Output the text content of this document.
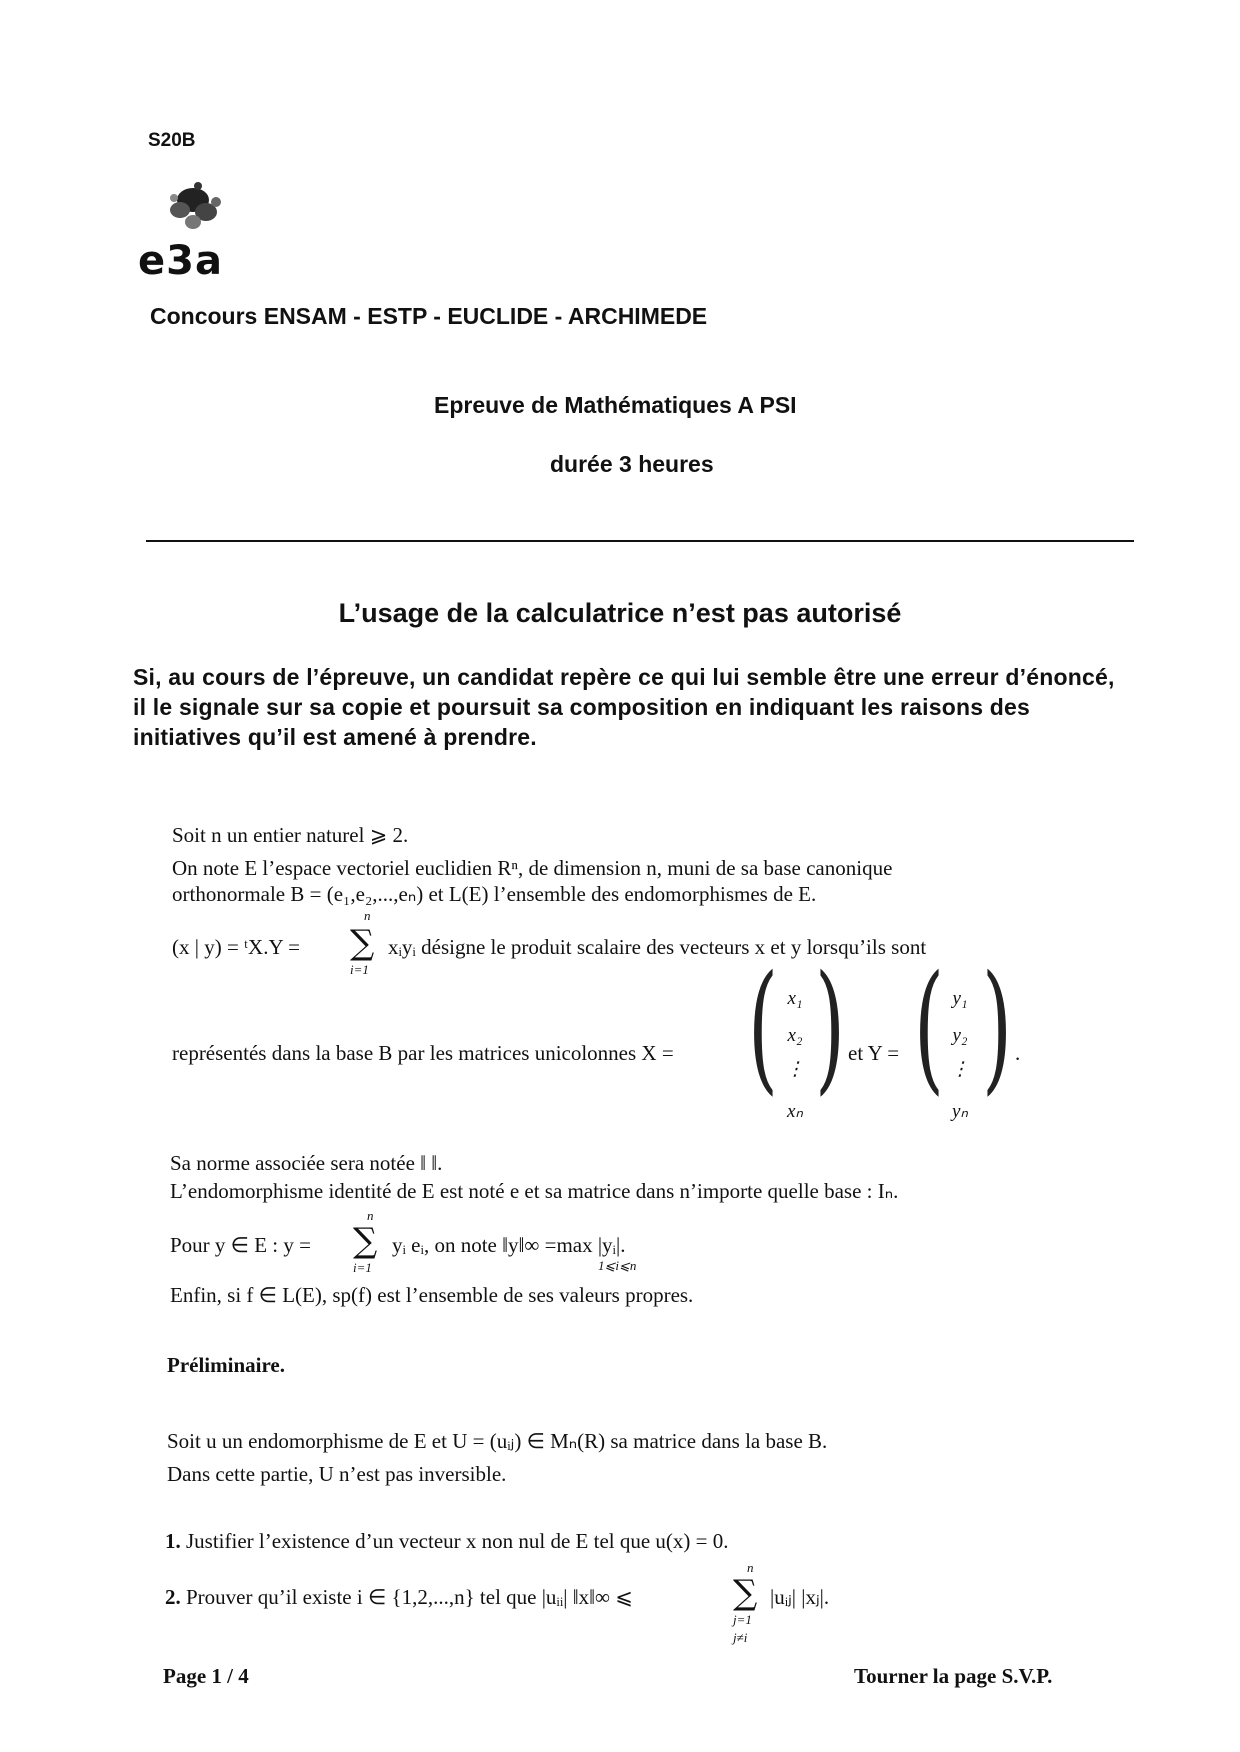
S20B
e3a
Concours ENSAM - ESTP - EUCLIDE - ARCHIMEDE
Epreuve de Mathématiques A PSI
durée 3 heures
L’usage de la calculatrice n’est pas autorisé
Si, au cours de l’épreuve, un candidat repère ce qui lui semble être une erreur d’énoncé, il le signale sur sa copie et poursuit sa composition en indiquant les raisons des initiatives qu’il est amené à prendre.
Soit n un entier naturel ⩾ 2.
On note E l’espace vectoriel euclidien Rⁿ, de dimension n, muni de sa base canonique
orthonormale B = (e₁,e₂,...,eₙ) et L(E) l’ensemble des endomorphismes de E.
(x | y) = ᵗX.Y =
n
∑
i=1
xᵢyᵢ désigne le produit scalaire des vecteurs x et y lorsqu’ils sont
représentés dans la base B par les matrices unicolonnes X = ( )
x₁
x₂
⋮
xₙ
et Y = ( )
y₁
y₂
⋮
yₙ
.
Sa norme associée sera notée ‖ ‖.
L’endomorphisme identité de E est noté e et sa matrice dans n’importe quelle base : Iₙ.
Pour y ∈ E : y =
n
∑
i=1
yᵢ eᵢ, on note ‖y‖∞ =max |yᵢ|.
1⩽i⩽n
Enfin, si f ∈ L(E), sp(f) est l’ensemble de ses valeurs propres.
Préliminaire.
Soit u un endomorphisme de E et U = (uᵢⱼ) ∈ Mₙ(R) sa matrice dans la base B.
Dans cette partie, U n’est pas inversible.
1. Justifier l’existence d’un vecteur x non nul de E tel que u(x) = 0.
2. Prouver qu’il existe i ∈ {1,2,...,n} tel que |uᵢᵢ| ‖x‖∞ ⩽
n
∑
j=1
j≠i
|uᵢⱼ| |xⱼ|.
Page 1 / 4	Tourner la page S.V.P.
